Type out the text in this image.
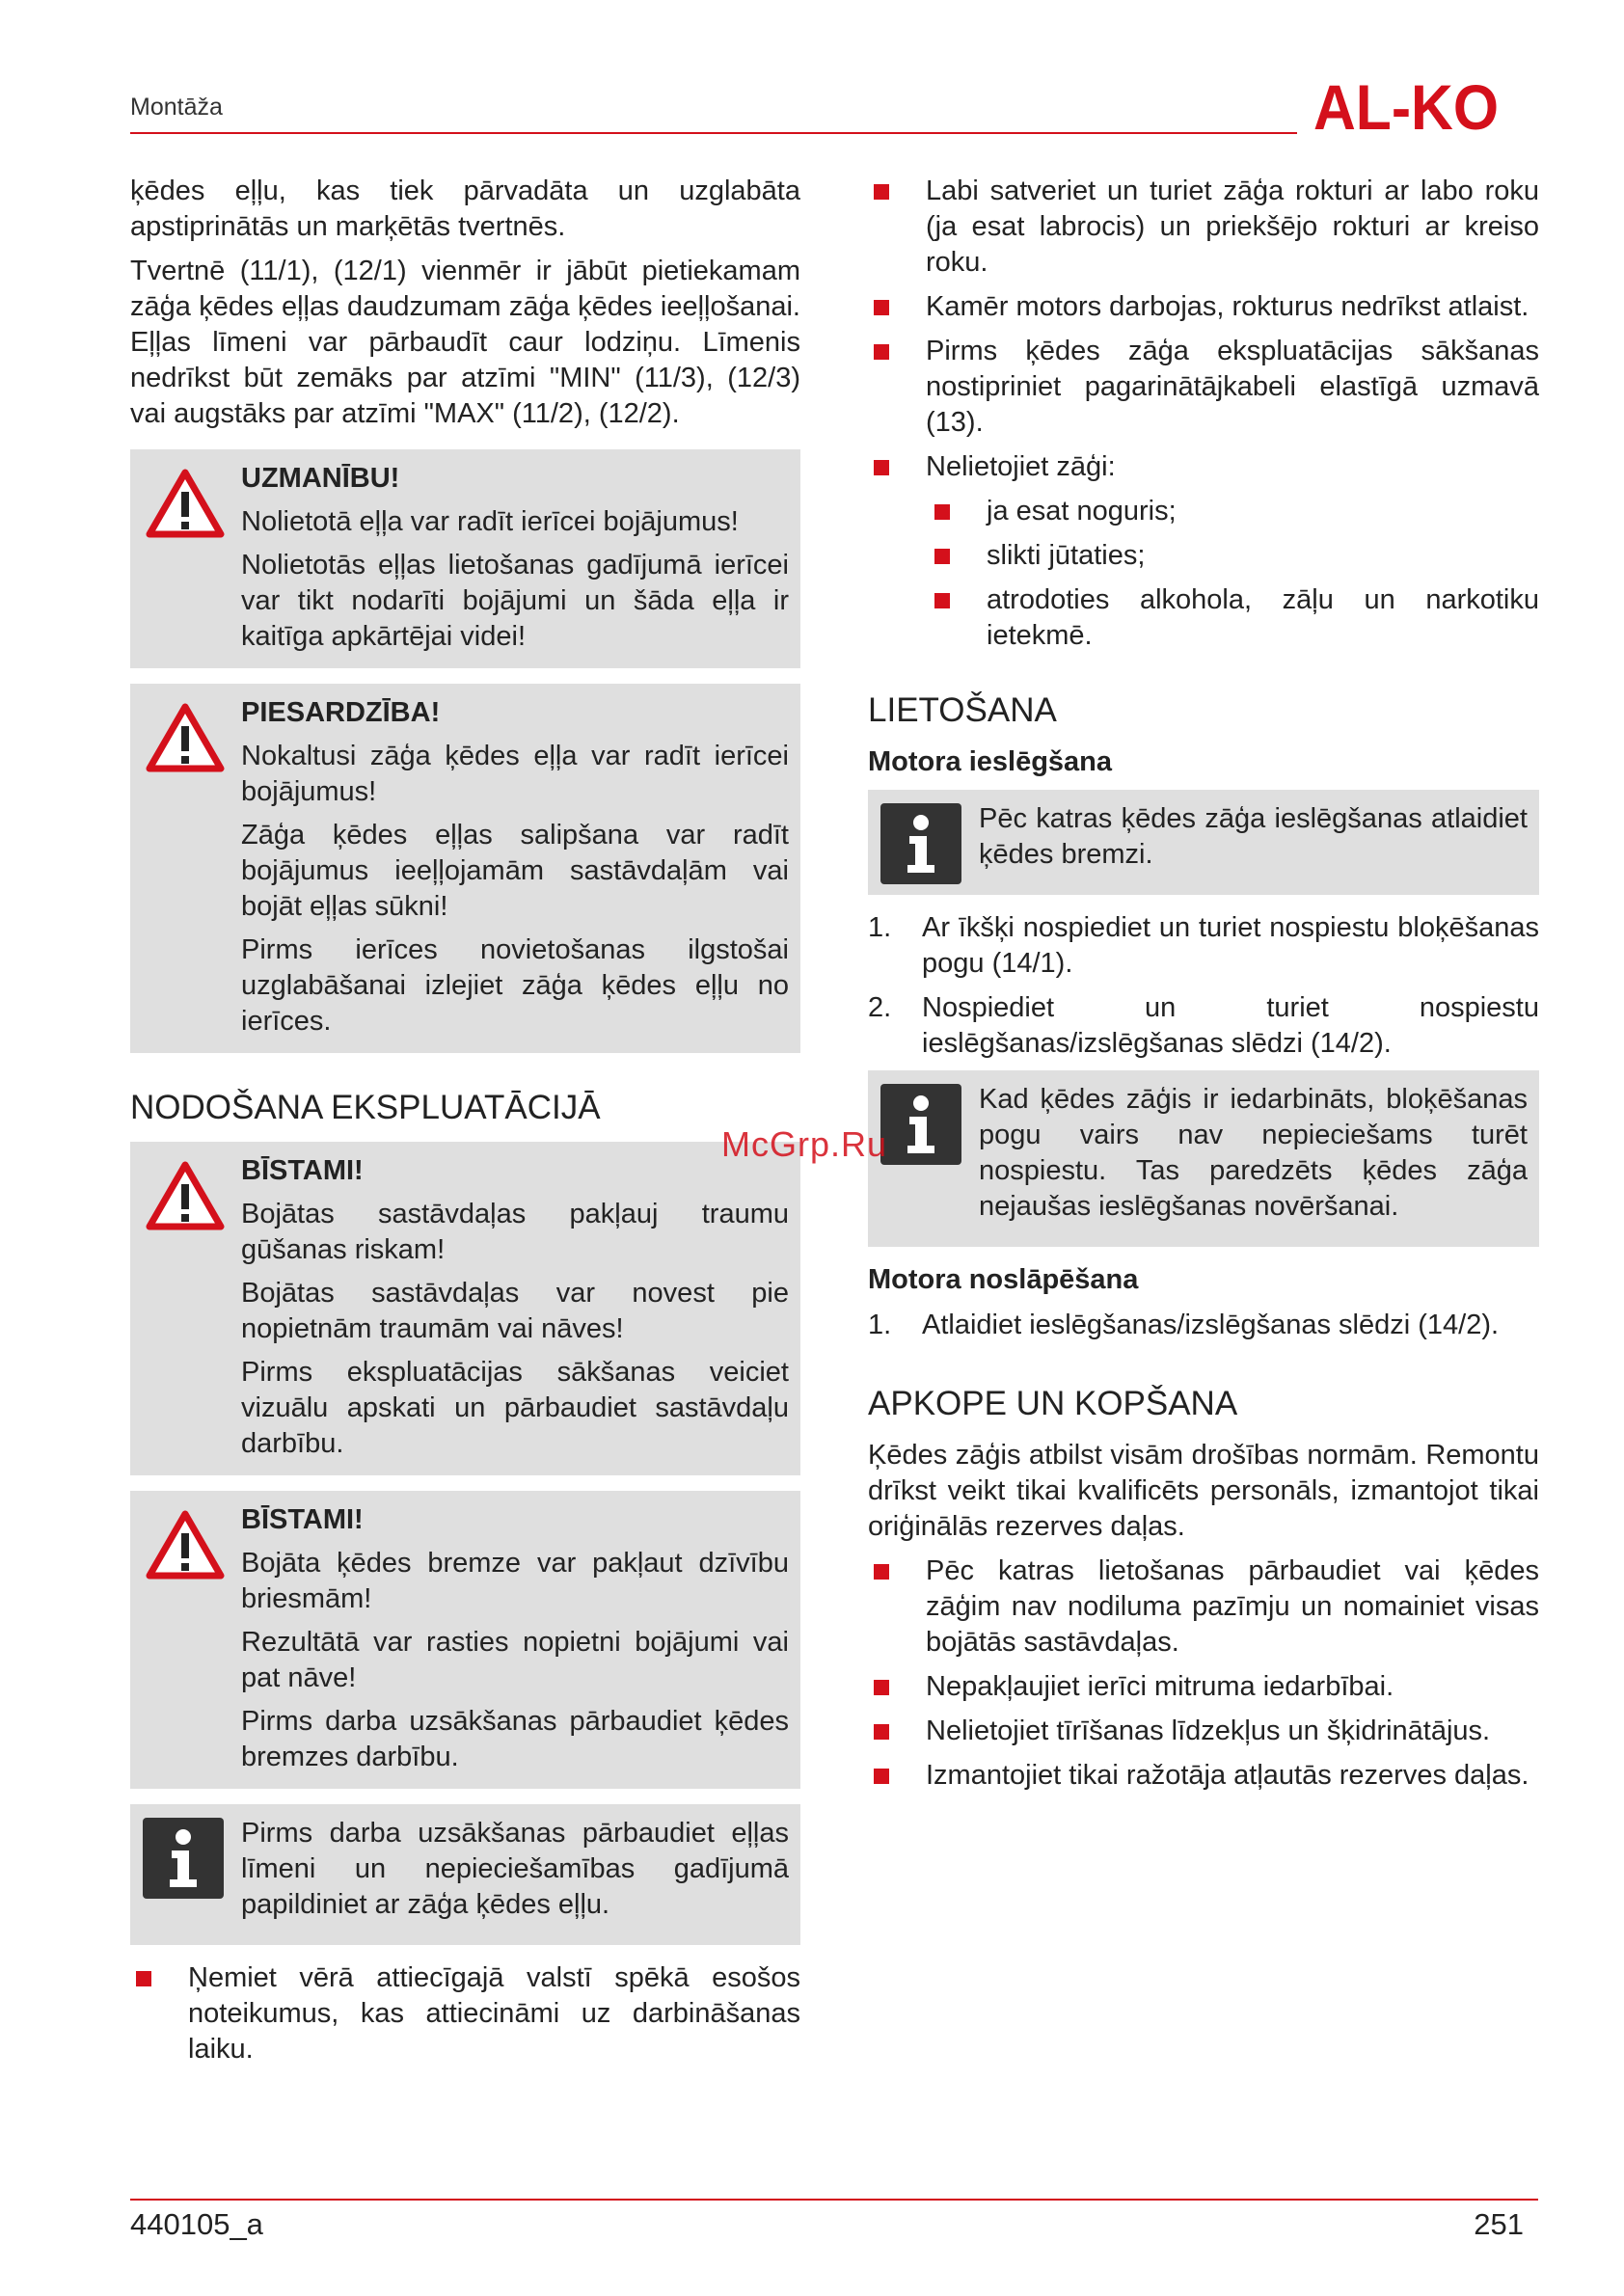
Montāža	AL-KO

ķēdes eļļu, kas tiek pārvadāta un uzglabāta apstiprinātās un marķētās tvertnēs.

Tvertnē (11/1), (12/1) vienmēr ir jābūt pietiekamam zāģa ķēdes eļļas daudzumam zāģa ķēdes ieeļļošanai. Eļļas līmeni var pārbaudīt caur lodziņu. Līmenis nedrīkst būt zemāks par atzīmi "MIN" (11/3), (12/3) vai augstāks par atzīmi "MAX" (11/2), (12/2).

UZMANĪBU!

Nolietotā eļļa var radīt ierīcei bojājumus!

Nolietotās eļļas lietošanas gadījumā ierīcei var tikt nodarīti bojājumi un šāda eļļa ir kaitīga apkārtējai videi!

PIESARDZĪBA!

Nokaltusi zāģa ķēdes eļļa var radīt ierīcei bojājumus!

Zāģa ķēdes eļļas salipšana var radīt bojājumus ieeļļojamām sastāvdaļām vai bojāt eļļas sūkni!

Pirms ierīces novietošanas ilgstošai uzglabāšanai izlejiet zāģa ķēdes eļļu no ierīces.

NODOŠANA EKSPLUATĀCIJĀ
BĪSTAMI!

Bojātas sastāvdaļas pakļauj traumu gūšanas riskam!

Bojātas sastāvdaļas var novest pie nopietnām traumām vai nāves!

Pirms ekspluatācijas sākšanas veiciet vizuālu apskati un pārbaudiet sastāvdaļu darbību.

BĪSTAMI!

Bojāta ķēdes bremze var pakļaut dzīvību briesmām!

Rezultātā var rasties nopietni bojājumi vai pat nāve!

Pirms darba uzsākšanas pārbaudiet ķēdes bremzes darbību.

Pirms darba uzsākšanas pārbaudiet eļļas līmeni un nepieciešamības gadījumā papildiniet ar zāģa ķēdes eļļu.

Ņemiet vērā attiecīgajā valstī spēkā esošos noteikumus, kas attiecināmi uz darbināšanas laiku.

Labi satveriet un turiet zāģa rokturi ar labo roku (ja esat labrocis) un priekšējo rokturi ar kreiso roku.

Kamēr motors darbojas, rokturus nedrīkst atlaist.

Pirms ķēdes zāģa ekspluatācijas sākšanas nostipriniet pagarinātājkabeli elastīgā uzmavā (13).

Nelietojiet zāģi:

ja esat noguris;

slikti jūtaties;

atrodoties alkohola, zāļu un narkotiku ietekmē.

LIETOŠANA
Motora ieslēgšana

Pēc katras ķēdes zāģa ieslēgšanas atlaidiet ķēdes bremzi.

1. Ar īkšķi nospiediet un turiet nospiestu bloķēšanas pogu (14/1).

2. Nospiediet un turiet nospiestu ieslēgšanas/izslēgšanas slēdzi (14/2).

Kad ķēdes zāģis ir iedarbināts, bloķēšanas pogu vairs nav nepieciešams turēt nospiestu. Tas paredzēts ķēdes zāģa nejaušas ieslēgšanas novēršanai.

Motora noslāpēšana
1. Atlaidiet ieslēgšanas/izslēgšanas slēdzi (14/2).

APKOPE UN KOPŠANA

Ķēdes zāģis atbilst visām drošības normām. Remontu drīkst veikt tikai kvalificēts personāls, izmantojot tikai oriģinālās rezerves daļas.

Pēc katras lietošanas pārbaudiet vai ķēdes zāģim nav nodiluma pazīmju un nomainiet visas bojātās sastāvdaļas.

Nepakļaujiet ierīci mitruma iedarbībai.

Nelietojiet tīrīšanas līdzekļus un šķidrinātājus.

Izmantojiet tikai ražotāja atļautās rezerves daļas.

McGrp.Ru
440105_a	251
